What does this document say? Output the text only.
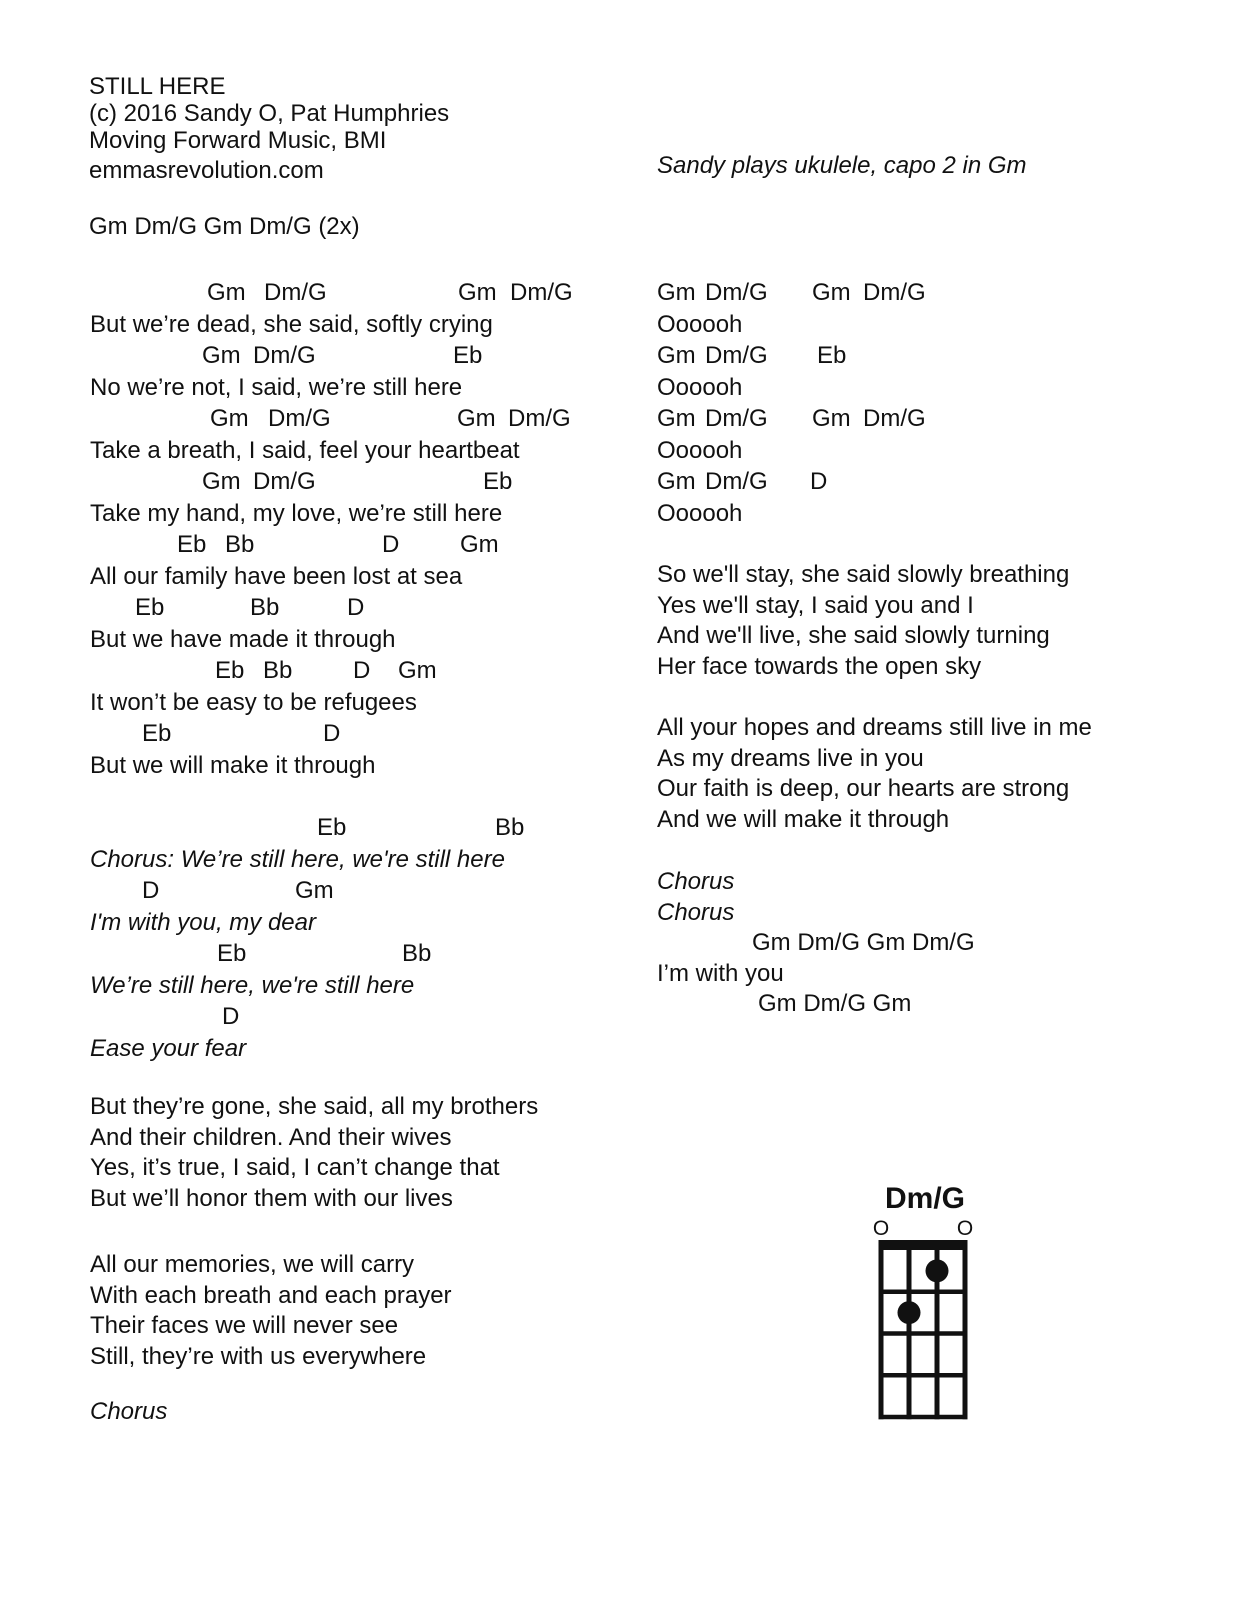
STILL HERE
(c) 2016 Sandy O, Pat Humphries
Moving Forward Music, BMI
emmasrevolution.com	Sandy plays ukulele, capo 2 in Gm
Gm Dm/G Gm Dm/G (2x)
Gm Dm/G	Gm Dm/G
But we’re dead, she said, softly crying
Gm Dm/G	Eb
No we’re not, I said, we’re still here
Gm Dm/G	Gm Dm/G
Take a breath, I said, feel your heartbeat
Gm Dm/G	Eb
Take my hand, my love, we’re still here
Eb Bb	D	Gm
All our family have been lost at sea
Eb	Bb	D
But we have made it through
Eb Bb	D Gm
It won’t be easy to be refugees
Eb	D
But we will make it through
Eb	Bb
Chorus: We’re still here, we're still here
D	Gm
I'm with you, my dear
Eb	Bb
We’re still here, we're still here
D
Ease your fear
But they’re gone, she said, all my brothers
And their children. And their wives
Yes, it’s true, I said, I can’t change that
But we’ll honor them with our lives
All our memories, we will carry
With each breath and each prayer
Their faces we will never see
Still, they’re with us everywhere
Chorus
Gm Dm/G Gm Dm/G
Oooooh
Gm Dm/G Eb
Oooooh
Gm Dm/G Gm Dm/G
Oooooh
Gm Dm/G D
Oooooh
So we'll stay, she said slowly breathing
Yes we'll stay, I said you and I
And we'll live, she said slowly turning
Her face towards the open sky
All your hopes and dreams still live in me
As my dreams live in you
Our faith is deep, our hearts are strong
And we will make it through
Chorus
Chorus
Gm Dm/G Gm Dm/G
I’m with you
Gm Dm/G Gm
Dm/G
O	O
